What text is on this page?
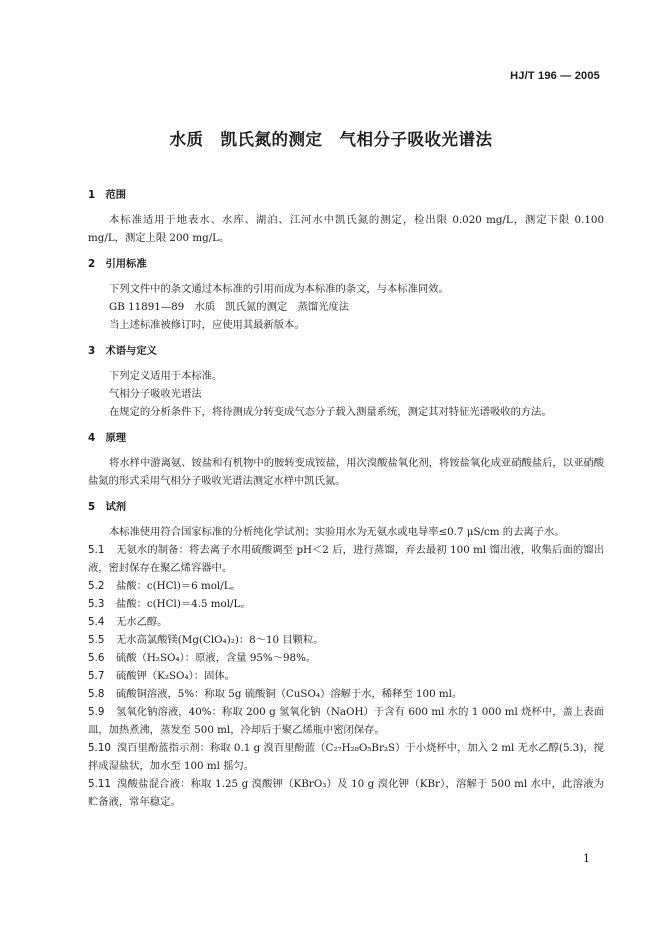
HJ/T 196 — 2005
水质　凯氏氮的测定　气相分子吸收光谱法
1　范围

本标准适用于地表水、水库、湖泊、江河水中凯氏氮的测定，检出限 0.020 mg/L，测定下限 0.100 mg/L，测定上限 200 mg/L。

2　引用标准

下列文件中的条文通过本标准的引用而成为本标准的条文，与本标准同效。

GB 11891—89　水质　凯氏氮的测定　蒸馏光度法

当上述标准被修订时，应使用其最新版本。

3　术语与定义

下列定义适用于本标准。

气相分子吸收光谱法

在规定的分析条件下，将待测成分转变成气态分子载入测量系统，测定其对特征光谱吸收的方法。

4　原理

将水样中游离氨、铵盐和有机物中的胺转变成铵盐，用次溴酸盐氧化剂，将铵盐氧化成亚硝酸盐后，以亚硝酸盐氮的形式采用气相分子吸收光谱法测定水样中凯氏氮。

5　试剂

本标准使用符合国家标准的分析纯化学试剂；实验用水为无氨水或电导率≤0.7 μS/cm 的去离子水。

5.1 无氨水的制备：将去离子水用硫酸调至 pH＜2 后，进行蒸馏，弃去最初 100 ml 馏出液，收集后面的馏出液，密封保存在聚乙烯容器中。

5.2 盐酸：c(HCl)＝6 mol/L。

5.3 盐酸：c(HCl)＝4.5 mol/L。

5.4 无水乙醇。

5.5 无水高氯酸镁(Mg(ClO₄)₂)：8～10 目颗粒。

5.6 硫酸（H₂SO₄）：原液，含量 95%～98%。

5.7 硫酸钾（K₂SO₄）：固体。

5.8 硫酸铜溶液，5%：称取 5g 硫酸铜（CuSO₄）溶解于水，稀释至 100 ml。

5.9 氢氧化钠溶液，40%：称取 200 g 氢氧化钠（NaOH）于含有 600 ml 水的 1 000 ml 烧杯中，盖上表面皿，加热煮沸，蒸发至 500 ml，冷却后于聚乙烯瓶中密闭保存。

5.10 溴百里酚蓝指示剂：称取 0.1 g 溴百里酚蓝（C₂₇H₂₈O₅Br₂S）于小烧杯中，加入 2 ml 无水乙醇(5.3)，搅拌成湿盐状，加水至 100 ml 摇匀。

5.11 溴酸盐混合液：称取 1.25 g 溴酸钾（KBrO₃）及 10 g 溴化钾（KBr），溶解于 500 ml 水中，此溶液为贮备液，常年稳定。

1
